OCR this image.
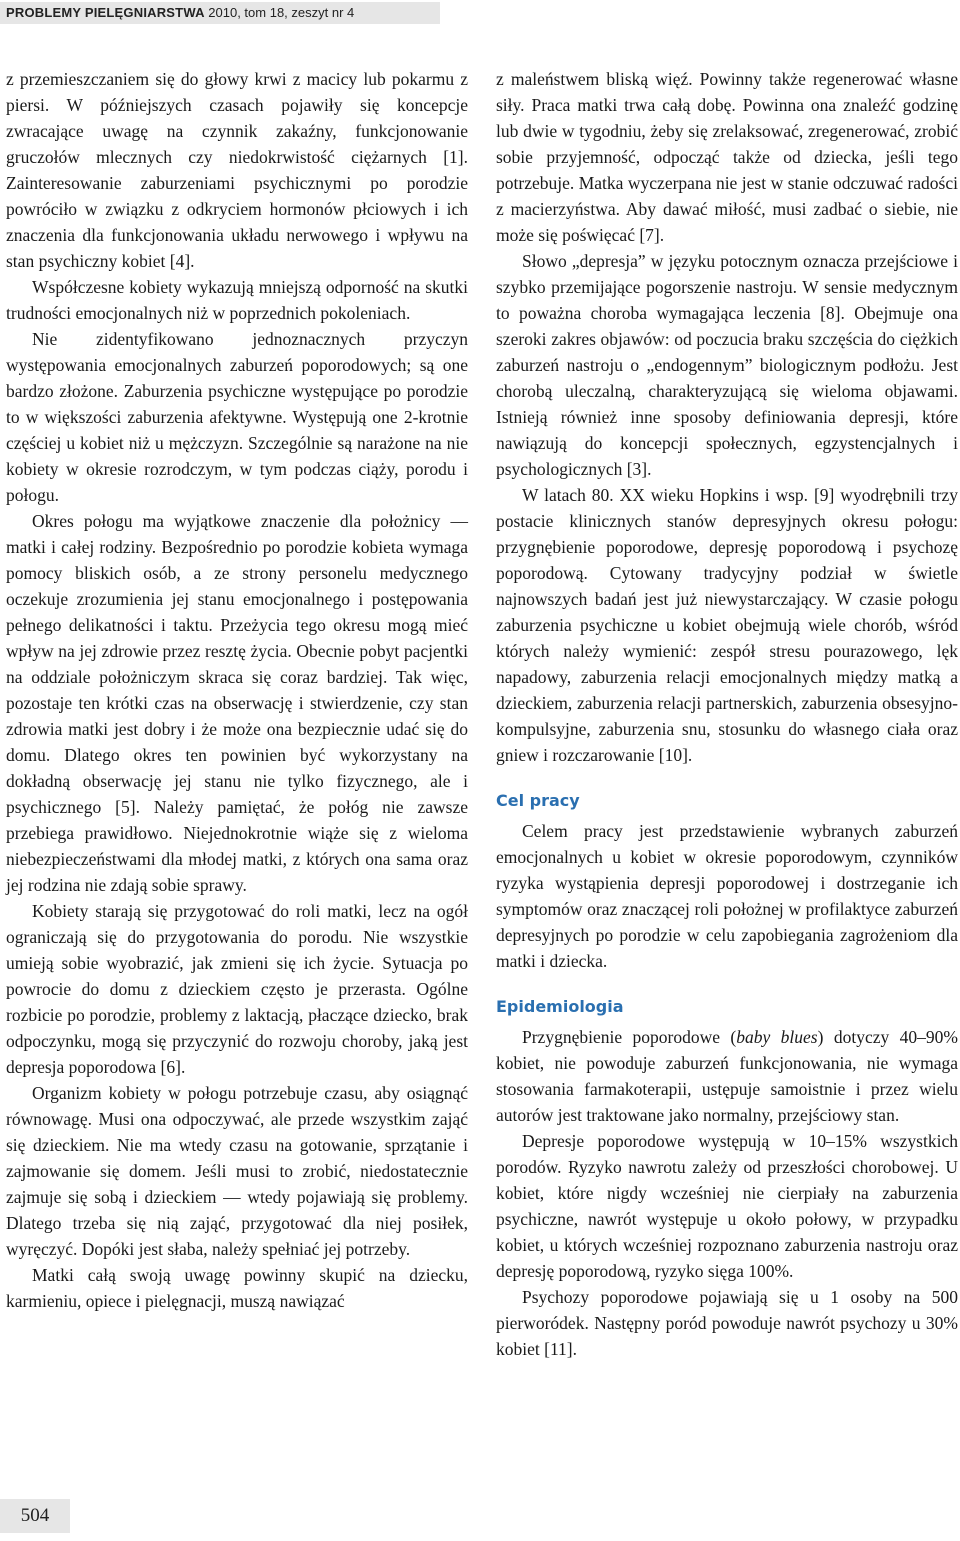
PROBLEMY PIELĘGNIARSTWA 2010, tom 18, zeszyt nr 4

z przemieszczaniem się do głowy krwi z macicy lub pokarmu z piersi. W późniejszych czasach pojawiły się koncepcje zwracające uwagę na czynnik zakaźny, funkcjonowanie gruczołów mlecznych czy niedokrwistość ciężarnych [1]. Zainteresowanie zaburzeniami psychicznymi po porodzie powróciło w związku z odkryciem hormonów płciowych i ich znaczenia dla funkcjonowania układu nerwowego i wpływu na stan psychiczny kobiet [4].

Współczesne kobiety wykazują mniejszą odporność na skutki trudności emocjonalnych niż w poprzednich pokoleniach.

Nie zidentyfikowano jednoznacznych przyczyn występowania emocjonalnych zaburzeń poporodowych; są one bardzo złożone. Zaburzenia psychiczne występujące po porodzie to w większości zaburzenia afektywne. Występują one 2-krotnie częściej u kobiet niż u mężczyzn. Szczególnie są narażone na nie kobiety w okresie rozrodczym, w tym podczas ciąży, porodu i połogu.

Okres połogu ma wyjątkowe znaczenie dla położnicy — matki i całej rodziny. Bezpośrednio po porodzie kobieta wymaga pomocy bliskich osób, a ze strony personelu medycznego oczekuje zrozumienia jej stanu emocjonalnego i postępowania pełnego delikatności i taktu. Przeżycia tego okresu mogą mieć wpływ na jej zdrowie przez resztę życia. Obecnie pobyt pacjentki na oddziale położniczym skraca się coraz bardziej. Tak więc, pozostaje ten krótki czas na obserwację i stwierdzenie, czy stan zdrowia matki jest dobry i że może ona bezpiecznie udać się do domu. Dlatego okres ten powinien być wykorzystany na dokładną obserwację jej stanu nie tylko fizycznego, ale i psychicznego [5]. Należy pamiętać, że połóg nie zawsze przebiega prawidłowo. Niejednokrotnie wiąże się z wieloma niebezpieczeństwami dla młodej matki, z których ona sama oraz jej rodzina nie zdają sobie sprawy.

Kobiety starają się przygotować do roli matki, lecz na ogół ograniczają się do przygotowania do porodu. Nie wszystkie umieją sobie wyobrazić, jak zmieni się ich życie. Sytuacja po powrocie do domu z dzieckiem często je przerasta. Ogólne rozbicie po porodzie, problemy z laktacją, płaczące dziecko, brak odpoczynku, mogą się przyczynić do rozwoju choroby, jaką jest depresja poporodowa [6].

Organizm kobiety w połogu potrzebuje czasu, aby osiągnąć równowagę. Musi ona odpoczywać, ale przede wszystkim zająć się dzieckiem. Nie ma wtedy czasu na gotowanie, sprzątanie i zajmowanie się domem. Jeśli musi to zrobić, niedostatecznie zajmuje się sobą i dzieckiem — wtedy pojawiają się problemy. Dlatego trzeba się nią zająć, przygotować dla niej posiłek, wyręczyć. Dopóki jest słaba, należy spełniać jej potrzeby.

Matki całą swoją uwagę powinny skupić na dziecku, karmieniu, opiece i pielęgnacji, muszą nawiązać

z maleństwem bliską więź. Powinny także regenerować własne siły. Praca matki trwa całą dobę. Powinna ona znaleźć godzinę lub dwie w tygodniu, żeby się zrelaksować, zregenerować, zrobić sobie przyjemność, odpocząć także od dziecka, jeśli tego potrzebuje. Matka wyczerpana nie jest w stanie odczuwać radości z macierzyństwa. Aby dawać miłość, musi zadbać o siebie, nie może się poświęcać [7].

Słowo „depresja” w języku potocznym oznacza przejściowe i szybko przemijające pogorszenie nastroju. W sensie medycznym to poważna choroba wymagająca leczenia [8]. Obejmuje ona szeroki zakres objawów: od poczucia braku szczęścia do ciężkich zaburzeń nastroju o „endogennym” biologicznym podłożu. Jest chorobą uleczalną, charakteryzującą się wieloma objawami. Istnieją również inne sposoby definiowania depresji, które nawiązują do koncepcji społecznych, egzystencjalnych i psychologicznych [3].

W latach 80. XX wieku Hopkins i wsp. [9] wyodrębnili trzy postacie klinicznych stanów depresyjnych okresu połogu: przygnębienie poporodowe, depresję poporodową i psychozę poporodową. Cytowany tradycyjny podział w świetle najnowszych badań jest już niewystarczający. W czasie połogu zaburzenia psychiczne u kobiet obejmują wiele chorób, wśród których należy wymienić: zespół stresu pourazowego, lęk napadowy, zaburzenia relacji emocjonalnych między matką a dzieckiem, zaburzenia relacji partnerskich, zaburzenia obsesyjno-kompulsyjne, zaburzenia snu, stosunku do własnego ciała oraz gniew i rozczarowanie [10].

Cel pracy

Celem pracy jest przedstawienie wybranych zaburzeń emocjonalnych u kobiet w okresie poporodowym, czynników ryzyka wystąpienia depresji poporodowej i dostrzeganie ich symptomów oraz znaczącej roli położnej w profilaktyce zaburzeń depresyjnych po porodzie w celu zapobiegania zagrożeniom dla matki i dziecka.

Epidemiologia

Przygnębienie poporodowe (baby blues) dotyczy 40–90% kobiet, nie powoduje zaburzeń funkcjonowania, nie wymaga stosowania farmakoterapii, ustępuje samoistnie i przez wielu autorów jest traktowane jako normalny, przejściowy stan.

Depresje poporodowe występują w 10–15% wszystkich porodów. Ryzyko nawrotu zależy od przeszłości chorobowej. U kobiet, które nigdy wcześniej nie cierpiały na zaburzenia psychiczne, nawrót występuje u około połowy, w przypadku kobiet, u których wcześniej rozpoznano zaburzenia nastroju oraz depresję poporodową, ryzyko sięga 100%.

Psychozy poporodowe pojawiają się u 1 osoby na 500 pierworódek. Następny poród powoduje nawrót psychozy u 30% kobiet [11].

504
